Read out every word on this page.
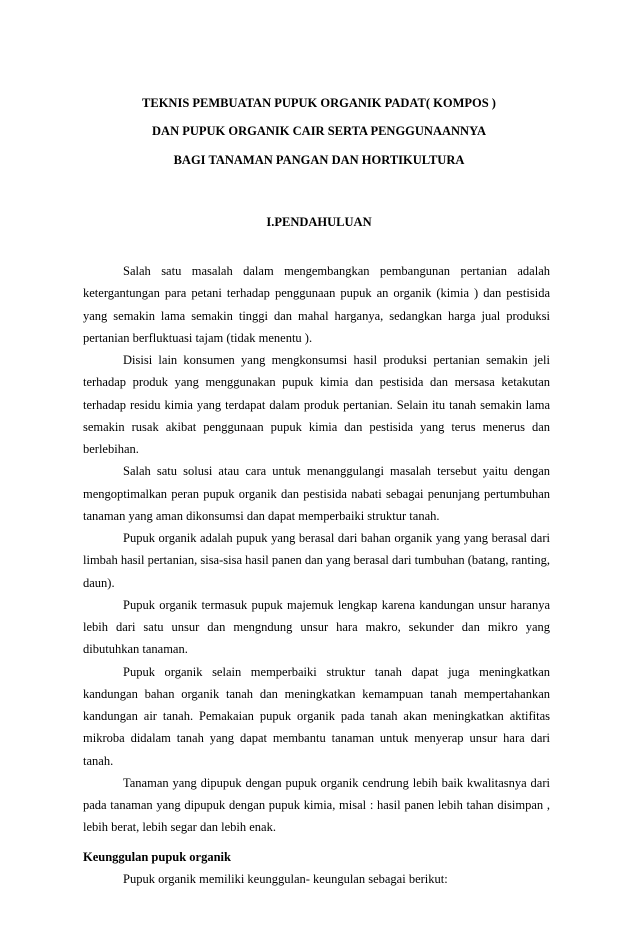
TEKNIS PEMBUATAN PUPUK ORGANIK PADAT( KOMPOS )
DAN PUPUK ORGANIK CAIR SERTA PENGGUNAANNYA
BAGI TANAMAN PANGAN DAN HORTIKULTURA
I.PENDAHULUAN

Salah satu masalah dalam mengembangkan pembangunan pertanian adalah ketergantungan para petani terhadap penggunaan pupuk an organik (kimia ) dan pestisida yang semakin lama semakin tinggi dan mahal harganya, sedangkan harga jual produksi pertanian berfluktuasi tajam (tidak menentu ).

Disisi lain konsumen yang mengkonsumsi hasil produksi pertanian semakin jeli terhadap produk yang menggunakan pupuk kimia dan pestisida dan mersasa ketakutan terhadap residu kimia yang terdapat dalam produk pertanian. Selain itu tanah semakin lama semakin rusak akibat penggunaan pupuk kimia dan pestisida yang terus menerus dan berlebihan.

Salah satu solusi atau cara untuk menanggulangi masalah tersebut yaitu dengan mengoptimalkan peran pupuk organik dan pestisida nabati sebagai penunjang pertumbuhan tanaman yang aman dikonsumsi dan dapat memperbaiki struktur tanah.

Pupuk organik adalah pupuk yang berasal dari bahan organik yang yang berasal dari limbah hasil pertanian, sisa-sisa hasil panen dan yang berasal dari tumbuhan (batang, ranting, daun).

Pupuk organik termasuk pupuk majemuk lengkap karena kandungan unsur haranya lebih dari satu unsur dan mengndung unsur hara makro, sekunder dan mikro yang dibutuhkan tanaman.

Pupuk organik selain memperbaiki struktur tanah dapat juga meningkatkan kandungan bahan organik tanah dan meningkatkan kemampuan tanah mempertahankan kandungan air tanah. Pemakaian pupuk organik pada tanah akan meningkatkan aktifitas mikroba didalam tanah yang dapat membantu tanaman untuk menyerap unsur hara dari tanah.

Tanaman yang dipupuk dengan pupuk organik cendrung lebih baik kwalitasnya dari pada tanaman yang dipupuk dengan pupuk kimia, misal : hasil panen lebih tahan disimpan , lebih berat, lebih segar dan lebih enak.

Keunggulan pupuk organik
Pupuk organik memiliki keunggulan- keungulan sebagai berikut:
